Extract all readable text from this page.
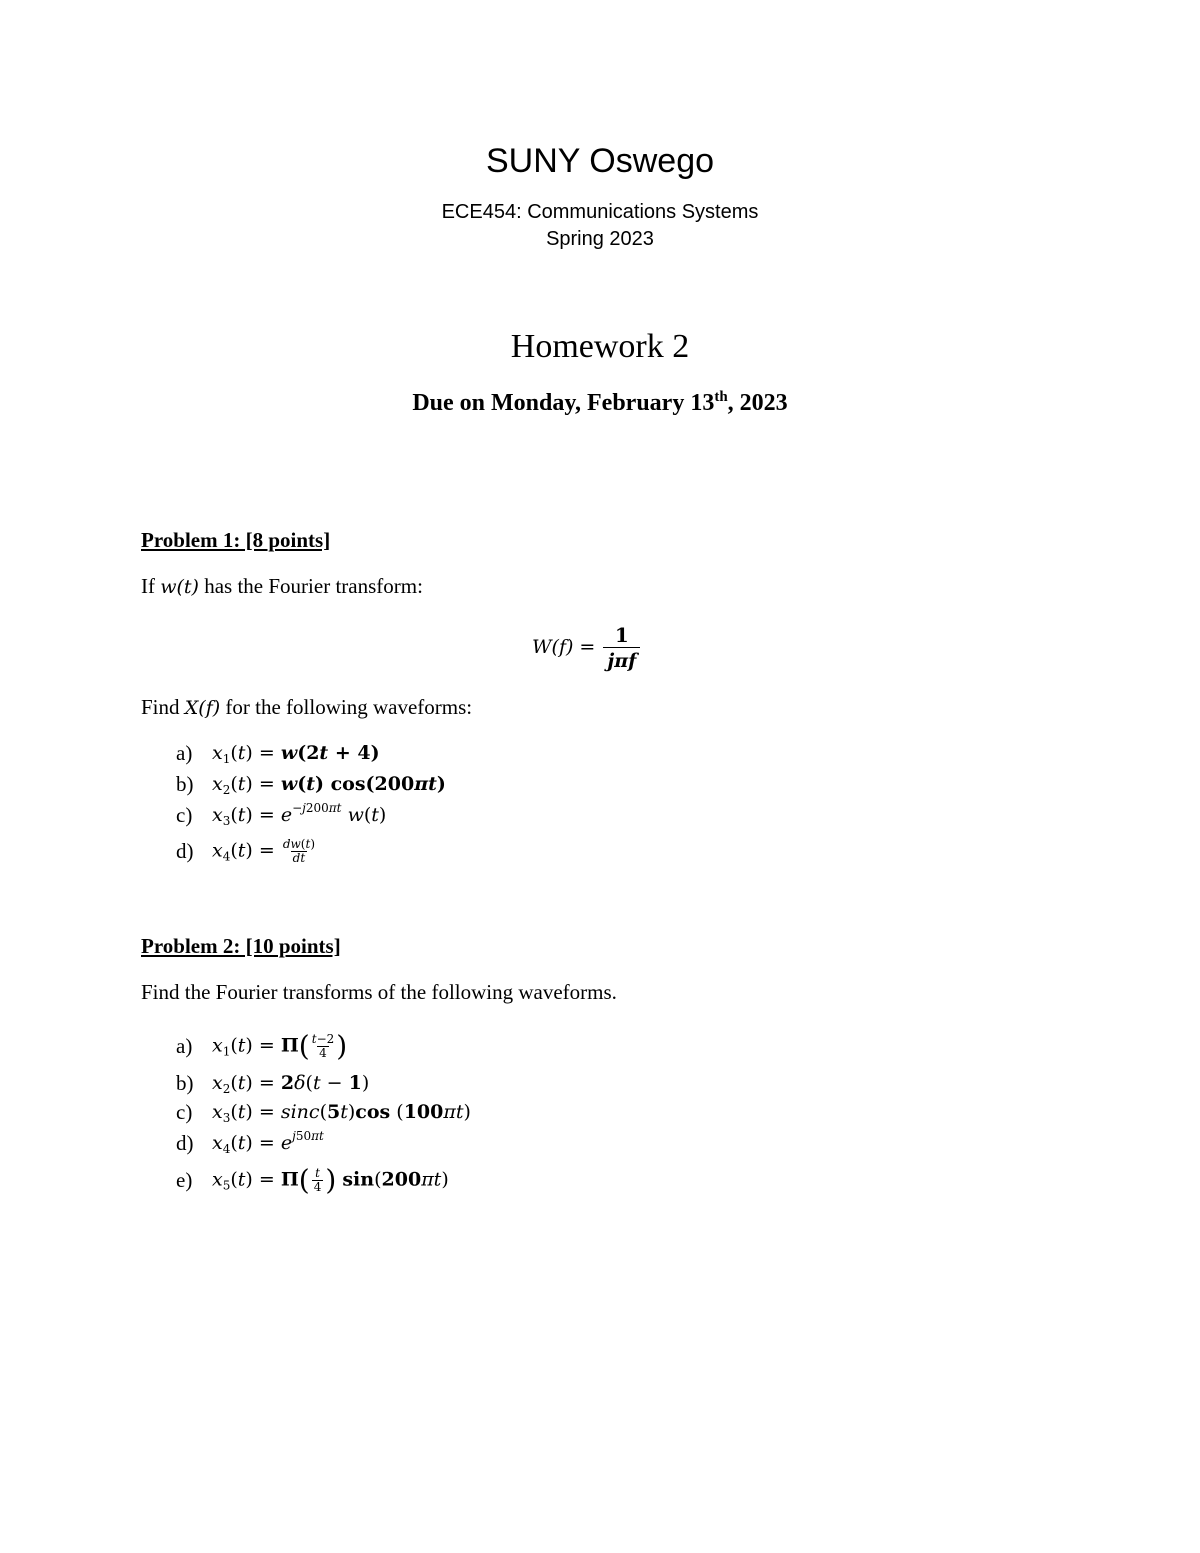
SUNY Oswego
ECE454: Communications Systems
Spring 2023
Homework 2
Due on Monday, February 13th, 2023
Problem 1: [8 points]
If w(t) has the Fourier transform:
$W(f) = \frac{1}{\text{jπf}}$
Find X(f) for the following waveforms:
a)	$x_1(t) = w(2t + 4)$
b) $x_2(t) = w(t)$ cos(200πt)
c)	$x_3(t) = e^{-j200\pi t}$ w(t)
d) $x_4(t) = \frac{dw(t)}{dt}$
Problem 2: [10 points]
Find the Fourier transforms of the following waveforms.
a)	$x_1(t) = \Pi( \frac{t-2}{4}$ )
b) $x_2(t) = 2\delta(t - 1)$
c)	$x_3(t) = \sin c(5t)\cos$ (100πt)
d) $x_4(t) = e^{j50\pi t}$
e)	$x_5(t) = \Pi( \frac{t}{4}$ ) sin(200πt)
